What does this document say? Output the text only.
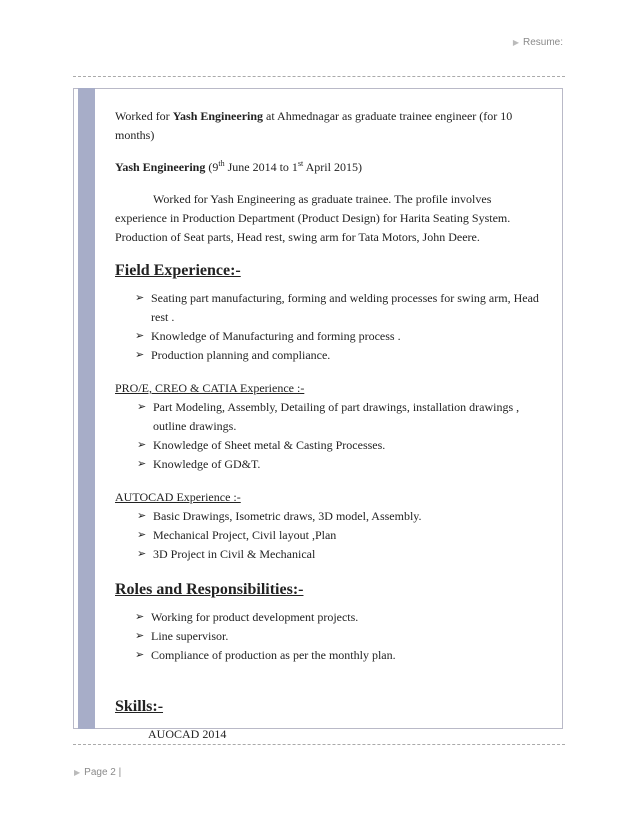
▶ Resume:

Worked for Yash Engineering at Ahmednagar as graduate trainee engineer (for 10 months)

Yash Engineering (9th June 2014 to 1st April 2015)

Worked for Yash Engineering as graduate trainee. The profile involves experience in Production Department (Product Design) for Harita Seating System. Production of Seat parts, Head rest, swing arm for Tata Motors, John Deere.

Field Experience:-
➢ Seating part manufacturing, forming and welding processes for swing arm, Head rest .
➢ Knowledge of Manufacturing and forming process .
➢ Production planning and compliance.

PRO/E, CREO & CATIA Experience :-

➢ Part Modeling, Assembly, Detailing of part drawings, installation drawings , outline drawings.
➢ Knowledge of Sheet metal & Casting Processes.
➢ Knowledge of GD&T.

AUTOCAD Experience :-

➢ Basic Drawings, Isometric draws, 3D model, Assembly.
➢ Mechanical Project, Civil layout ,Plan
➢ 3D Project in Civil & Mechanical
Roles and Responsibilities:-
➢ Working for product development projects.
➢ Line supervisor.
➢ Compliance of production as per the monthly plan.
Skills:-

AUOCAD 2014

▶ Page 2 |
